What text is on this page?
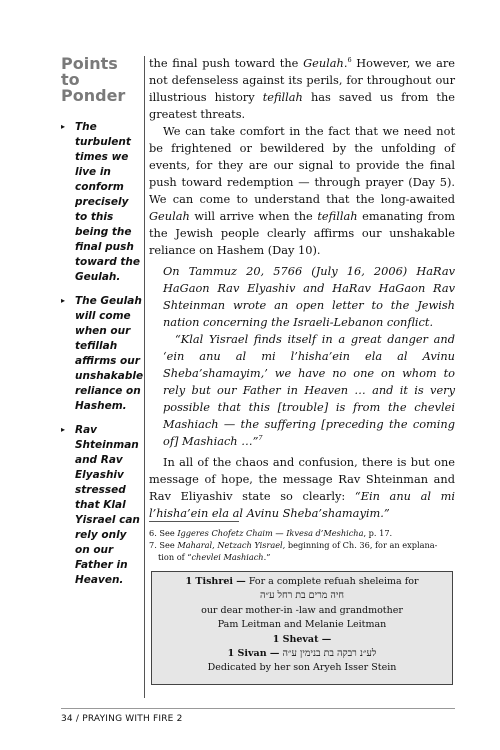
Points
to
Ponder
▸ The turbulent times we live in conform precisely to this being the final push toward the Geulah.
▸ The Geulah will come when our tefillah affirms our unshakable reliance on Hashem.
▸ Rav Shteinman and Rav Elyashiv stressed that Klal Yisrael can rely only on our Father in Heaven.

the final push toward the Geulah.$^6$ However, we are not defenseless against its perils, for throughout our illustrious history tefillah has saved us from the greatest threats.

We can take comfort in the fact that we need not be frightened or bewildered by the unfolding of events, for they are our signal to provide the final push toward redemption — through prayer (Day 5). We can come to understand that the long-awaited Geulah will arrive when the tefillah emanating from the Jewish people clearly affirms our unshakable reliance on Hashem (Day 10).

On Tammuz 20, 5766 (July 16, 2006) HaRav HaGaon Rav Elyashiv and HaRav HaGaon Rav Shteinman wrote an open letter to the Jewish nation concerning the Israeli-Lebanon conflict.

“Klal Yisrael finds itself in a great danger and ‘ein anu al mi l’hisha’ein ela al Avinu Sheba’shamayim,’ we have no one on whom to rely but our Father in Heaven … and it is very possible that this [trouble] is from the chevlei Mashiach — the suffering [preceding the coming of] Mashiach …”$^7$

In all of the chaos and confusion, there is but one message of hope, the message Rav Shteinman and Rav Eliyashiv state so clearly: “Ein anu al mi l’hisha’ein ela al Avinu Sheba’shamayim.”

6. See Iggeres Chofetz Chaim — Ikvesa d’Meshicha, p. 17.
7. See Maharal, Netzach Yisrael, beginning of Ch. 36, for an explana-
tion of “chevlei Mashiach.”
1 Tishrei — For a complete refuah sheleima for
חיה מרים בת רחל ע״ה
our dear mother-in -law and grandmother
Pam Leitman and Melanie Leitman
1 Shevat —
1 Sivan — לע״נ רבקה בת בנימין ע״ה
Dedicated by her son Aryeh Isser Stein
34 / PRAYING WITH FIRE 2
